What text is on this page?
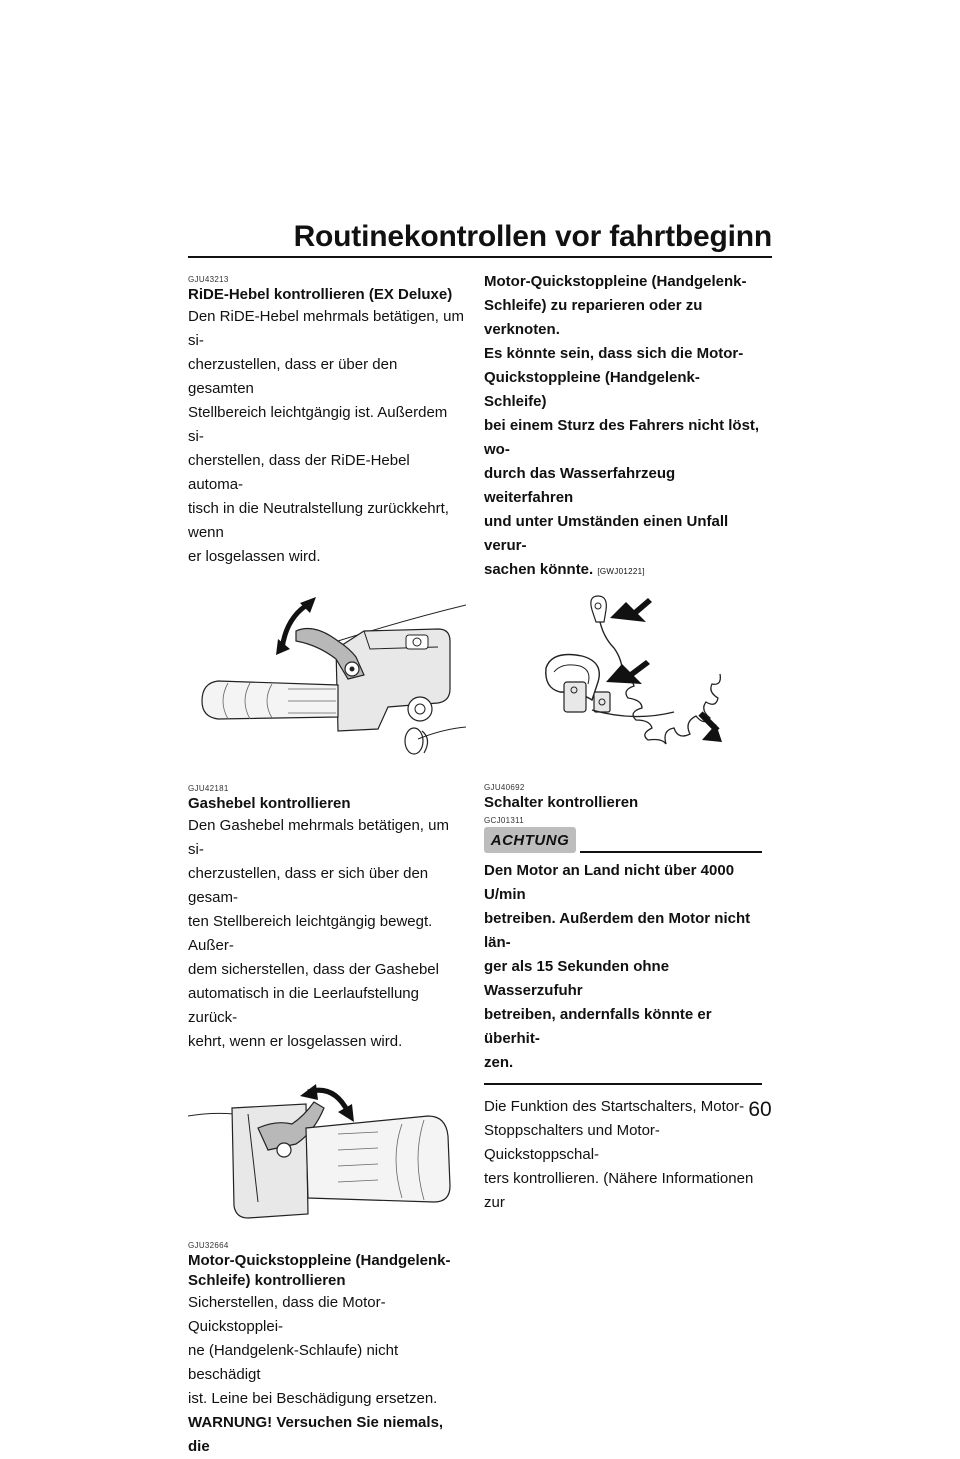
Routinekontrollen vor fahrtbeginn
GJU43213
RiDE-Hebel kontrollieren (EX Deluxe)

Den RiDE-Hebel mehrmals betätigen, um si-

cherzustellen, dass er über den gesamten

Stellbereich leichtgängig ist. Außerdem si-

cherstellen, dass der RiDE-Hebel automa-

tisch in die Neutralstellung zurückkehrt, wenn

er losgelassen wird.

GJU42181
Gashebel kontrollieren

Den Gashebel mehrmals betätigen, um si-

cherzustellen, dass er sich über den gesam-

ten Stellbereich leichtgängig bewegt. Außer-

dem sicherstellen, dass der Gashebel

automatisch in die Leerlaufstellung zurück-

kehrt, wenn er losgelassen wird.

GJU32664
Motor-Quickstoppleine (Handgelenk-
Schleife) kontrollieren

Sicherstellen, dass die Motor-Quickstopplei-

ne (Handgelenk-Schlaufe) nicht beschädigt

ist. Leine bei Beschädigung ersetzen.

WARNUNG! Versuchen Sie niemals, die

Motor-Quickstoppleine (Handgelenk-

Schleife) zu reparieren oder zu verknoten.

Es könnte sein, dass sich die Motor-

Quickstoppleine (Handgelenk-Schleife)

bei einem Sturz des Fahrers nicht löst, wo-

durch das Wasserfahrzeug weiterfahren

und unter Umständen einen Unfall verur-

sachen könnte. [GWJ01221]

GJU40692
Schalter kontrollieren
GCJ01311
ACHTUNG

Den Motor an Land nicht über 4000 U/min

betreiben. Außerdem den Motor nicht län-

ger als 15 Sekunden ohne Wasserzufuhr

betreiben, andernfalls könnte er überhit-

zen.

Die Funktion des Startschalters, Motor-

Stoppschalters und Motor-Quickstoppschal-

ters kontrollieren. (Nähere Informationen zur

60
